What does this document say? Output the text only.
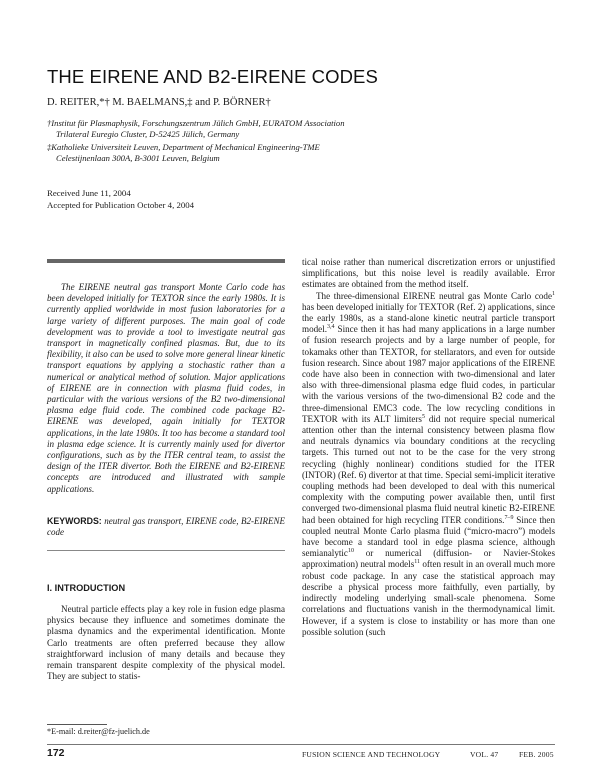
THE EIRENE AND B2-EIRENE CODES
D. REITER,*† M. BAELMANS,‡ and P. BÖRNER†
†Institut für Plasmaphysik, Forschungszentrum Jülich GmbH, EURATOM Association
Trilateral Euregio Cluster, D-52425 Jülich, Germany
‡Katholieke Universiteit Leuven, Department of Mechanical Engineering-TME
Celestijnenlaan 300A, B-3001 Leuven, Belgium
Received June 11, 2004
Accepted for Publication October 4, 2004

The EIRENE neutral gas transport Monte Carlo code has been developed initially for TEXTOR since the early 1980s. It is currently applied worldwide in most fusion laboratories for a large variety of different purposes. The main goal of code development was to provide a tool to investigate neutral gas transport in magnetically confined plasmas. But, due to its flexibility, it also can be used to solve more general linear kinetic transport equations by applying a stochastic rather than a numerical or analytical method of solution. Major applications of EIRENE are in connection with plasma fluid codes, in particular with the various versions of the B2 two-dimensional plasma edge fluid code. The combined code package B2-EIRENE was developed, again initially for TEXTOR applications, in the late 1980s. It too has become a standard tool in plasma edge science. It is currently mainly used for divertor configurations, such as by the ITER central team, to assist the design of the ITER divertor. Both the EIRENE and B2-EIRENE concepts are introduced and illustrated with sample applications.

KEYWORDS: neutral gas transport, EIRENE code, B2-EIRENE code
I. INTRODUCTION

Neutral particle effects play a key role in fusion edge plasma physics because they influence and sometimes dominate the plasma dynamics and the experimental identification. Monte Carlo treatments are often preferred because they allow straightforward inclusion of many details and because they remain transparent despite complexity of the physical model. They are subject to statis-

tical noise rather than numerical discretization errors or unjustified simplifications, but this noise level is readily available. Error estimates are obtained from the method itself.

The three-dimensional EIRENE neutral gas Monte Carlo code$^1$ has been developed initially for TEXTOR (Ref. 2) applications, since the early 1980s, as a stand-alone kinetic neutral particle transport model.$^{3,4}$ Since then it has had many applications in a large number of fusion research projects and by a large number of people, for tokamaks other than TEXTOR, for stellarators, and even for outside fusion research. Since about 1987 major applications of the EIRENE code have also been in connection with two-dimensional and later also with three-dimensional plasma edge fluid codes, in particular with the various versions of the two-dimensional B2 code and the three-dimensional EMC3 code. The low recycling conditions in TEXTOR with its ALT limiters$^5$ did not require special numerical attention other than the internal consistency between plasma flow and neutrals dynamics via boundary conditions at the recycling targets. This turned out not to be the case for the very strong recycling (highly nonlinear) conditions studied for the ITER (INTOR) (Ref. 6) divertor at that time. Special semi-implicit iterative coupling methods had been developed to deal with this numerical complexity with the computing power available then, until first converged two-dimensional plasma fluid neutral kinetic B2-EIRENE had been obtained for high recycling ITER conditions.$^{7-9}$ Since then coupled neutral Monte Carlo plasma fluid (“micro-macro”) models have become a standard tool in edge plasma science, although semianalytic$^{10}$ or numerical (diffusion- or Navier-Stokes approximation) neutral models$^{11}$ often result in an overall much more robust code package. In any case the statistical approach may describe a physical process more faithfully, even partially, by indirectly modeling underlying small-scale phenomena. Some correlations and fluctuations vanish in the thermodynamical limit. However, if a system is close to instability or has more than one possible solution (such

*E-mail: d.reiter@fz-juelich.de
172	FUSION SCIENCE AND TECHNOLOGY	VOL. 47	FEB. 2005
